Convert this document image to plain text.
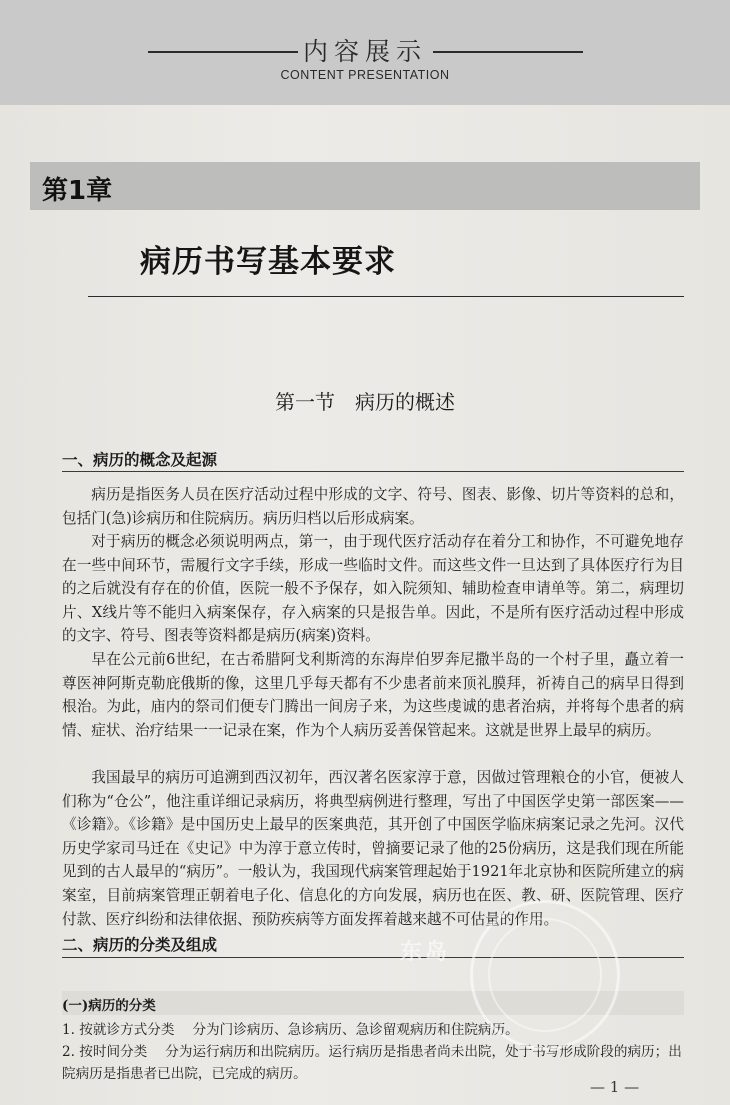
内容展示
CONTENT PRESENTATION
第1章
病历书写基本要求
第一节　病历的概述
一、病历的概念及起源

病历是指医务人员在医疗活动过程中形成的文字、符号、图表、影像、切片等资料的总和，包括门(急)诊病历和住院病历。病历归档以后形成病案。

对于病历的概念必须说明两点，第一，由于现代医疗活动存在着分工和协作，不可避免地存在一些中间环节，需履行文字手续，形成一些临时文件。而这些文件一旦达到了具体医疗行为目的之后就没有存在的价值，医院一般不予保存，如入院须知、辅助检查申请单等。第二，病理切片、X线片等不能归入病案保存，存入病案的只是报告单。因此，不是所有医疗活动过程中形成的文字、符号、图表等资料都是病历(病案)资料。

早在公元前6世纪，在古希腊阿戈利斯湾的东海岸伯罗奔尼撒半岛的一个村子里，矗立着一尊医神阿斯克勒庇俄斯的像，这里几乎每天都有不少患者前来顶礼膜拜，祈祷自己的病早日得到根治。为此，庙内的祭司们便专门腾出一间房子来，为这些虔诚的患者治病，并将每个患者的病情、症状、治疗结果一一记录在案，作为个人病历妥善保管起来。这就是世界上最早的病历。

我国最早的病历可追溯到西汉初年，西汉著名医家淳于意，因做过管理粮仓的小官，便被人们称为“仓公”，他注重详细记录病历，将典型病例进行整理，写出了中国医学史第一部医案——《诊籍》。《诊籍》是中国历史上最早的医案典范，其开创了中国医学临床病案记录之先河。汉代历史学家司马迁在《史记》中为淳于意立传时，曾摘要记录了他的25份病历，这是我们现在所能见到的古人最早的“病历”。一般认为，我国现代病案管理起始于1921年北京协和医院所建立的病案室，目前病案管理正朝着电子化、信息化的方向发展，病历也在医、教、研、医院管理、医疗付款、医疗纠纷和法律依据、预防疾病等方面发挥着越来越不可估量的作用。

二、病历的分类及组成
(一)病历的分类

1. 按就诊方式分类 分为门诊病历、急诊病历、急诊留观病历和住院病历。

2. 按时间分类 分为运行病历和出院病历。运行病历是指患者尚未出院，处于书写形成阶段的病历；出院病历是指患者已出院，已完成的病历。

东岛
— 1 —
